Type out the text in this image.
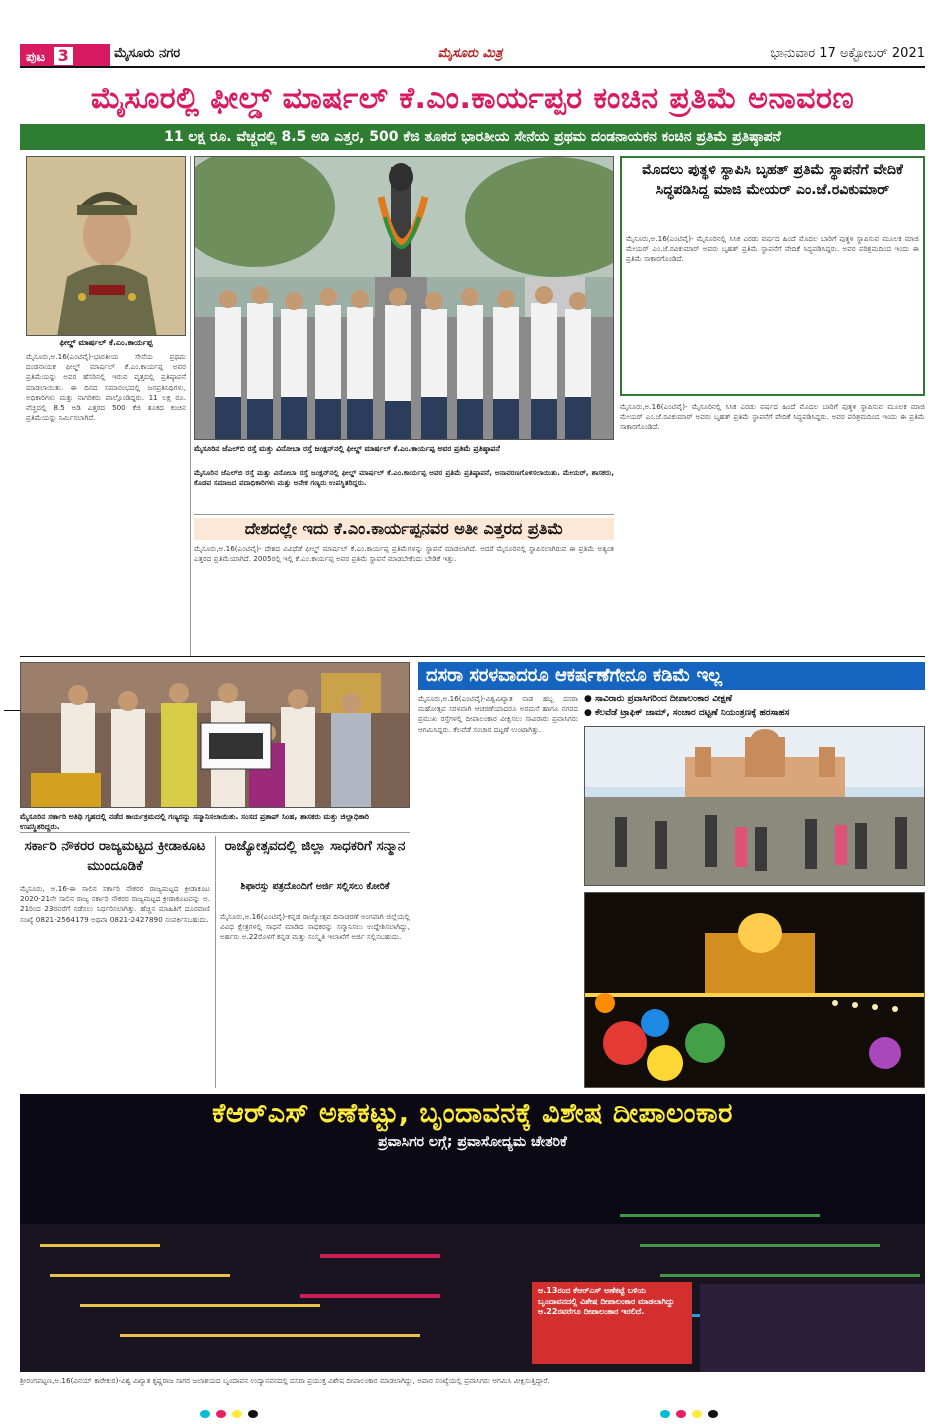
ಪುಟ 3	ಮೈಸೂರು ನಗರ	ಮೈಸೂರು ಮಿತ್ರ	ಭಾನುವಾರ 17 ಅಕ್ಟೋಬರ್ 2021
ಮೈಸೂರಲ್ಲಿ ಫೀಲ್ಡ್ ಮಾರ್ಷಲ್ ಕೆ.ಎಂ.ಕಾರ್ಯಪ್ಪರ ಕಂಚಿನ ಪ್ರತಿಮೆ ಅನಾವರಣ
11 ಲಕ್ಷ ರೂ. ವೆಚ್ಚದಲ್ಲಿ 8.5 ಅಡಿ ಎತ್ತರ, 500 ಕೆಜಿ ತೂಕದ ಭಾರತೀಯ ಸೇನೆಯ ಪ್ರಥಮ ದಂಡನಾಯಕನ ಕಂಚಿನ ಪ್ರತಿಮೆ ಪ್ರತಿಷ್ಠಾಪನೆ
ಫೀಲ್ಡ್ ಮಾರ್ಷಲ್ ಕೆ.ಎಂ.ಕಾರ್ಯಪ್ಪ
ಮೈಸೂರು,ಅ.16(ಎಂಟಿವೈ)-ಭಾರತೀಯ ಸೇನೆಯ ಪ್ರಥಮ ದಂಡನಾಯಕ ಫೀಲ್ಡ್ ಮಾರ್ಷಲ್ ಕೆ.ಎಂ.ಕಾರ್ಯಪ್ಪ ಅವರ ಪ್ರತಿಮೆಯನ್ನು ಅವರ ಹೆಸರಿನಲ್ಲಿ ಇರುವ ವೃತ್ತದಲ್ಲಿ ಪ್ರತಿಷ್ಠಾಪನೆ ಮಾಡಲಾಯಿತು. ಈ ದಿನದ ಸಮಾರಂಭದಲ್ಲಿ ಜನಪ್ರತಿನಿಧಿಗಳು, ಅಧಿಕಾರಿಗಳು ಮತ್ತು ನಾಗರಿಕರು ಪಾಲ್ಗೊಂಡಿದ್ದರು. 11 ಲಕ್ಷ ರೂ. ವೆಚ್ಚದಲ್ಲಿ 8.5 ಅಡಿ ಎತ್ತರದ 500 ಕೆಜಿ ತೂಕದ ಕಂಚಿನ ಪ್ರತಿಮೆಯನ್ನು ನಿರ್ಮಿಸಲಾಗಿದೆ.
ಮೈಸೂರಿನ ಜೆಎಲ್‌ಬಿ ರಸ್ತೆ ಮತ್ತು ವಿನೋಬಾ ರಸ್ತೆ ಜಂಕ್ಷನ್‌ನಲ್ಲಿ ಫೀಲ್ಡ್ ಮಾರ್ಷಲ್ ಕೆ.ಎಂ.ಕಾರ್ಯಪ್ಪ ಅವರ ಪ್ರತಿಮೆ ಪ್ರತಿಷ್ಠಾಪನೆ
ಮೈಸೂರಿನ ಜೆಎಲ್‌ಬಿ ರಸ್ತೆ ಮತ್ತು ವಿನೋಬಾ ರಸ್ತೆ ಜಂಕ್ಷನ್‌ನಲ್ಲಿ ಫೀಲ್ಡ್ ಮಾರ್ಷಲ್ ಕೆ.ಎಂ.ಕಾರ್ಯಪ್ಪ ಅವರ ಪ್ರತಿಮೆ ಪ್ರತಿಷ್ಠಾಪನೆ, ಅನಾವರಣಗೊಳಿಸಲಾಯಿತು. ಮೇಯರ್, ಶಾಸಕರು, ಕೊಡವ ಸಮಾಜದ ಪದಾಧಿಕಾರಿಗಳು ಮತ್ತು ಅನೇಕ ಗಣ್ಯರು ಉಪಸ್ಥಿತರಿದ್ದರು.
ಮೊದಲು ಪುತ್ಥಳಿ ಸ್ಥಾಪಿಸಿ ಬೃಹತ್ ಪ್ರತಿಮೆ ಸ್ಥಾಪನೆಗೆ ವೇದಿಕೆ ಸಿದ್ಧಪಡಿಸಿದ್ದ ಮಾಜಿ ಮೇಯರ್ ಎಂ.ಜೆ.ರವಿಕುಮಾರ್
ಮೈಸೂರು,ಅ.16(ಎಂಟಿವೈ)- ಮೈಸೂರಿನಲ್ಲಿ ಸಿಸಿಕ ಎರಡು ವರ್ಷದ ಹಿಂದೆ ಮೊದಲ ಬಾರಿಗೆ ಪುತ್ಥಳಿ ಸ್ಥಾಪಿಸುವ ಮೂಲಕ ಮಾಜಿ ಮೇಯರ್ ಎಂ.ಜೆ.ರವಿಕುಮಾರ್ ಅವರು ಬೃಹತ್ ಪ್ರತಿಮೆ ಸ್ಥಾಪನೆಗೆ ವೇದಿಕೆ ಸಿದ್ಧಪಡಿಸಿದ್ದರು. ಅವರ ಪರಿಶ್ರಮದಿಂದ ಇಂದು ಈ ಪ್ರತಿಮೆ ಸಾಕಾರಗೊಂಡಿದೆ.
ಮೈಸೂರು,ಅ.16(ಎಂಟಿವೈ)- ಮೈಸೂರಿನಲ್ಲಿ ಸಿಸಿಕ ಎರಡು ವರ್ಷದ ಹಿಂದೆ ಮೊದಲ ಬಾರಿಗೆ ಪುತ್ಥಳಿ ಸ್ಥಾಪಿಸುವ ಮೂಲಕ ಮಾಜಿ ಮೇಯರ್ ಎಂ.ಜೆ.ರವಿಕುಮಾರ್ ಅವರು ಬೃಹತ್ ಪ್ರತಿಮೆ ಸ್ಥಾಪನೆಗೆ ವೇದಿಕೆ ಸಿದ್ಧಪಡಿಸಿದ್ದರು. ಅವರ ಪರಿಶ್ರಮದಿಂದ ಇಂದು ಈ ಪ್ರತಿಮೆ ಸಾಕಾರಗೊಂಡಿದೆ.
ದೇಶದಲ್ಲೇ ಇದು ಕೆ.ಎಂ.ಕಾರ್ಯಪ್ಪನವರ ಅತೀ ಎತ್ತರದ ಪ್ರತಿಮೆ
ಮೈಸೂರು,ಅ.16(ಎಂಟಿವೈ)- ದೇಶದ ವಿವಿಧೆಡೆ ಫೀಲ್ಡ್ ಮಾರ್ಷಲ್ ಕೆ.ಎಂ.ಕಾರ್ಯಪ್ಪ ಪ್ರತಿಮೆಗಳನ್ನು ಸ್ಥಾಪನೆ ಮಾಡಲಾಗಿದೆ. ಆದರೆ ಮೈಸೂರಿನಲ್ಲಿ ಸ್ಥಾಪಿಸಲಾಗಿರುವ ಈ ಪ್ರತಿಮೆ ಅತ್ಯಂತ ಎತ್ತರದ ಪ್ರತಿಮೆಯಾಗಿದೆ. 2005ರಲ್ಲಿ ಇಲ್ಲಿ ಕೆ.ಎಂ.ಕಾರ್ಯಪ್ಪ ಅವರ ಪ್ರತಿಮೆ ಸ್ಥಾಪನೆ ಮಾಡಬೇಕೆಂದು ಬೇಡಿಕೆ ಇತ್ತು.
ಮೈಸೂರಿನ ಸರ್ಕಾರಿ ಅತಿಥಿ ಗೃಹದಲ್ಲಿ ನಡೆದ ಕಾರ್ಯಕ್ರಮದಲ್ಲಿ ಗಣ್ಯರನ್ನು ಸನ್ಮಾನಿಸಲಾಯಿತು. ಸಂಸದ ಪ್ರತಾಪ್ ಸಿಂಹ, ಶಾಸಕರು ಮತ್ತು ಜಿಲ್ಲಾಧಿಕಾರಿ ಉಪಸ್ಥಿತರಿದ್ದರು.
ದಸರಾ ಸರಳವಾದರೂ ಆಕರ್ಷಣೆಗೇನೂ ಕಡಿಮೆ ಇಲ್ಲ
ಮೈಸೂರು,ಅ.16(ಎಂಟಿವೈ)-ವಿಶ್ವವಿಖ್ಯಾತ ನಾಡ ಹಬ್ಬ ದಸರಾ ಮಹೋತ್ಸವ ಸರಳವಾಗಿ ಆಚರಣೆಯಾದರೂ ಅರಮನೆ ಹಾಗೂ ನಗರದ ಪ್ರಮುಖ ರಸ್ತೆಗಳಲ್ಲಿ ದೀಪಾಲಂಕಾರ ವೀಕ್ಷಿಸಲು ಸಾವಿರಾರು ಪ್ರವಾಸಿಗರು ಆಗಮಿಸಿದ್ದರು. ಕೆಲವೆಡೆ ಸಂಚಾರ ದಟ್ಟಣೆ ಉಂಟಾಗಿತ್ತು.
● ಸಾವಿರಾರು ಪ್ರವಾಸಿಗರಿಂದ ದೀಪಾಲಂಕಾರ ವೀಕ್ಷಣೆ
● ಕೆಲವೆಡೆ ಟ್ರಾಫಿಕ್ ಜಾಮ್, ಸಂಚಾರ ದಟ್ಟಣೆ ನಿಯಂತ್ರಣಕ್ಕೆ ಹರಸಾಹಸ
ಸರ್ಕಾರಿ ನೌಕರರ ರಾಜ್ಯಮಟ್ಟದ ಕ್ರೀಡಾಕೂಟ ಮುಂದೂಡಿಕೆ
ಮೈಸೂರು, ಅ.16-ಈ ಸಾಲಿನ ಸರ್ಕಾರಿ ನೌಕರರ ರಾಜ್ಯಮಟ್ಟದ ಕ್ರೀಡಾಕೂಟ 2020-21ನೇ ಸಾಲಿನ ರಾಜ್ಯ ಸರ್ಕಾರಿ ನೌಕರರ ರಾಜ್ಯಮಟ್ಟದ ಕ್ರೀಡಾಕೂಟವನ್ನು ಅ. 21ರಿಂದ 23ರವರೆಗೆ ನಡೆಸಲು ನಿರ್ಧರಿಸಲಾಗಿತ್ತು. ಹೆಚ್ಚಿನ ಮಾಹಿತಿಗೆ ದೂರವಾಣಿ ಸಂಖ್ಯೆ 0821-2564179 ಅಥವಾ 0821-2427890 ಸಂಪರ್ಕಿಸಬಹುದು.
ರಾಜ್ಯೋತ್ಸವದಲ್ಲಿ ಜಿಲ್ಲಾ ಸಾಧಕರಿಗೆ ಸನ್ಮಾನ
ಶಿಫಾರಸ್ಸು ಪತ್ರದೊಂದಿಗೆ ಅರ್ಜಿ ಸಲ್ಲಿಸಲು ಕೋರಿಕೆ
ಮೈಸೂರು,ಅ.16(ಎಂಟಿವೈ)-ಕನ್ನಡ ರಾಜ್ಯೋತ್ಸವ ದಿನಾಚರಣೆ ಅಂಗವಾಗಿ ಜಿಲ್ಲೆಯಲ್ಲಿ ವಿವಿಧ ಕ್ಷೇತ್ರಗಳಲ್ಲಿ ಸಾಧನೆ ಮಾಡಿದ ಸಾಧಕರನ್ನು ಸನ್ಮಾನಿಸಲು ಉದ್ದೇಶಿಸಲಾಗಿದ್ದು, ಅರ್ಹರು ಅ.22ರೊಳಗೆ ಕನ್ನಡ ಮತ್ತು ಸಂಸ್ಕೃತಿ ಇಲಾಖೆಗೆ ಅರ್ಜಿ ಸಲ್ಲಿಸಬಹುದು.
ಕೆಆರ್‌ಎಸ್ ಅಣೆಕಟ್ಟು, ಬೃಂದಾವನಕ್ಕೆ ವಿಶೇಷ ದೀಪಾಲಂಕಾರ
ಪ್ರವಾಸಿಗರ ಲಗ್ಗೆ; ಪ್ರವಾಸೋದ್ಯಮ ಚೇತರಿಕೆ
ಅ.13ರಂದ ಕೆಆರ್‌ಎಸ್ ಅಣೆಕಟ್ಟೆ ಬಳಿಯ ಬೃಂದಾವನದಲ್ಲಿ ವಿಶೇಷ ದೀಪಾಲಂಕಾರ ಮಾಡಲಾಗಿದ್ದು ಅ.22ರವರೆಗೂ ದೀಪಾಲಂಕಾರ ಇರಲಿದೆ.
ಶ್ರೀರಂಗಪಟ್ಟಣ,ಅ.16(ವಿನಯ್ ಕಾರೇಕುರ)-ವಿಶ್ವ ವಿಖ್ಯಾತ ಕೃಷ್ಣರಾಜ ಸಾಗರ ಜಲಾಶಯದ ಬೃಂದಾವನ ಉದ್ಯಾನವನದಲ್ಲಿ ದಸರಾ ಪ್ರಯುಕ್ತ ವಿಶೇಷ ದೀಪಾಲಂಕಾರ ಮಾಡಲಾಗಿದ್ದು, ಅಪಾರ ಸಂಖ್ಯೆಯಲ್ಲಿ ಪ್ರವಾಸಿಗರು ಆಗಮಿಸಿ ವೀಕ್ಷಿಸುತ್ತಿದ್ದಾರೆ.
